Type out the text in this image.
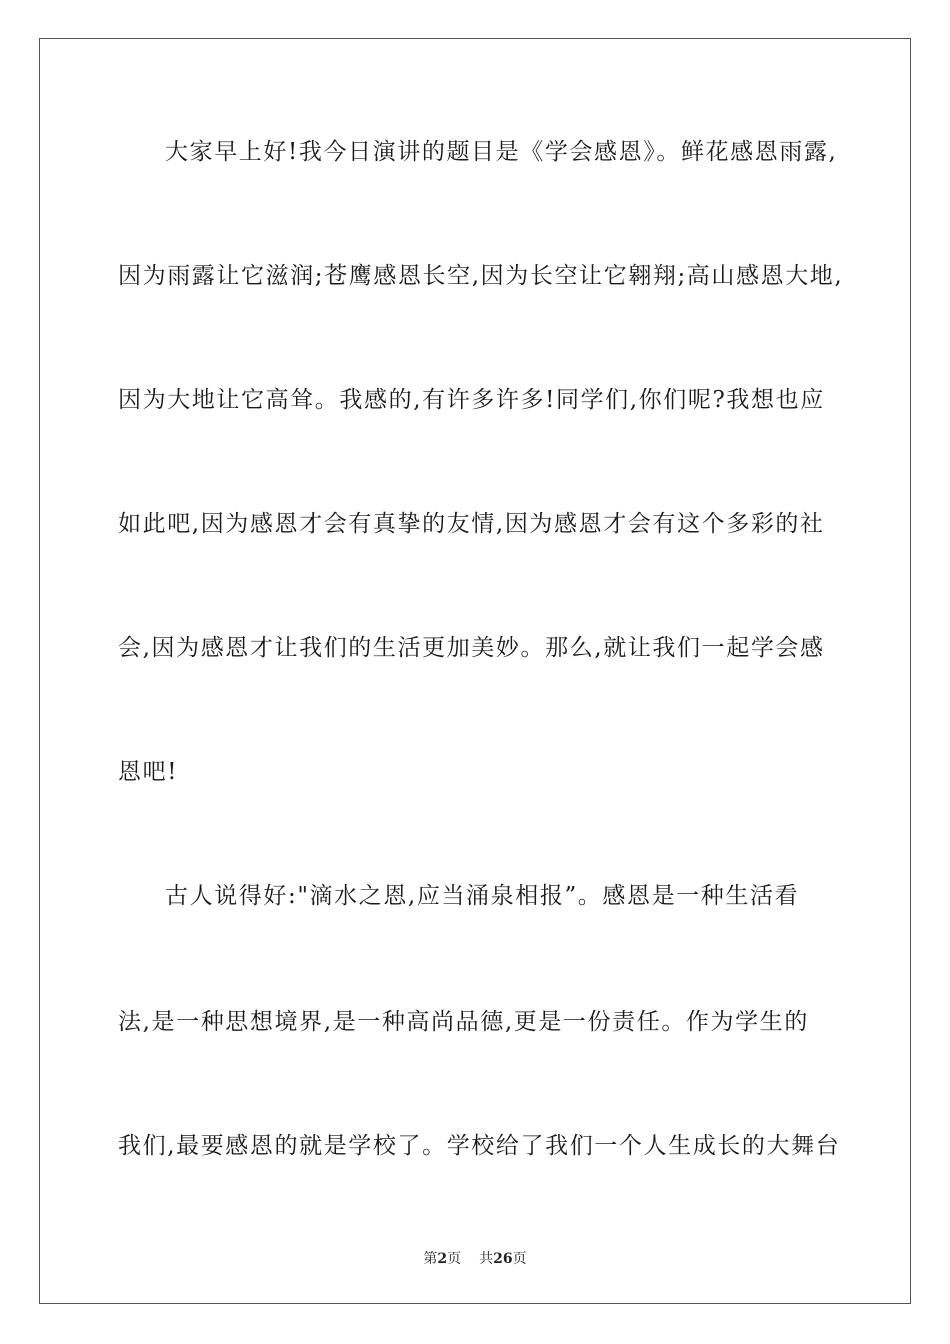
大家早上好!我今日演讲的题目是《学会感恩》。鲜花感恩雨露,
因为雨露让它滋润;苍鹰感恩长空,因为长空让它翱翔;高山感恩大地,
因为大地让它高耸。我感的,有许多许多!同学们,你们呢?我想也应
如此吧,因为感恩才会有真挚的友情,因为感恩才会有这个多彩的社
会,因为感恩才让我们的生活更加美妙。那么,就让我们一起学会感
恩吧!
古人说得好:"滴水之恩,应当涌泉相报”。感恩是一种生活看
法,是一种思想境界,是一种高尚品德,更是一份责任。作为学生的
我们,最要感恩的就是学校了。学校给了我们一个人生成长的大舞台
第2页 共26页
